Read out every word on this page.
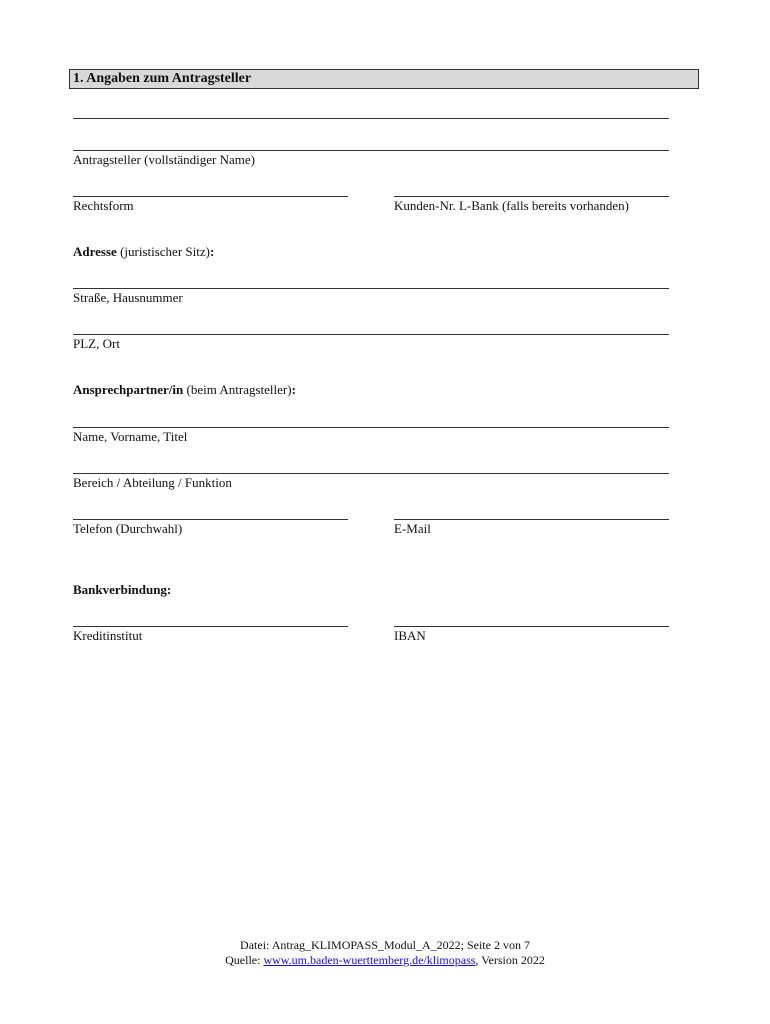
1. Angaben zum Antragsteller
Antragsteller (vollständiger Name)
Rechtsform	Kunden-Nr. L-Bank (falls bereits vorhanden)
Adresse (juristischer Sitz):
Straße, Hausnummer
PLZ, Ort
Ansprechpartner/in (beim Antragsteller):
Name, Vorname, Titel
Bereich / Abteilung / Funktion
Telefon (Durchwahl)	E-Mail
Bankverbindung:
Kreditinstitut	IBAN
Datei: Antrag_KLIMOPASS_Modul_A_2022; Seite 2 von 7
Quelle: www.um.baden-wuerttemberg.de/klimopass, Version 2022
